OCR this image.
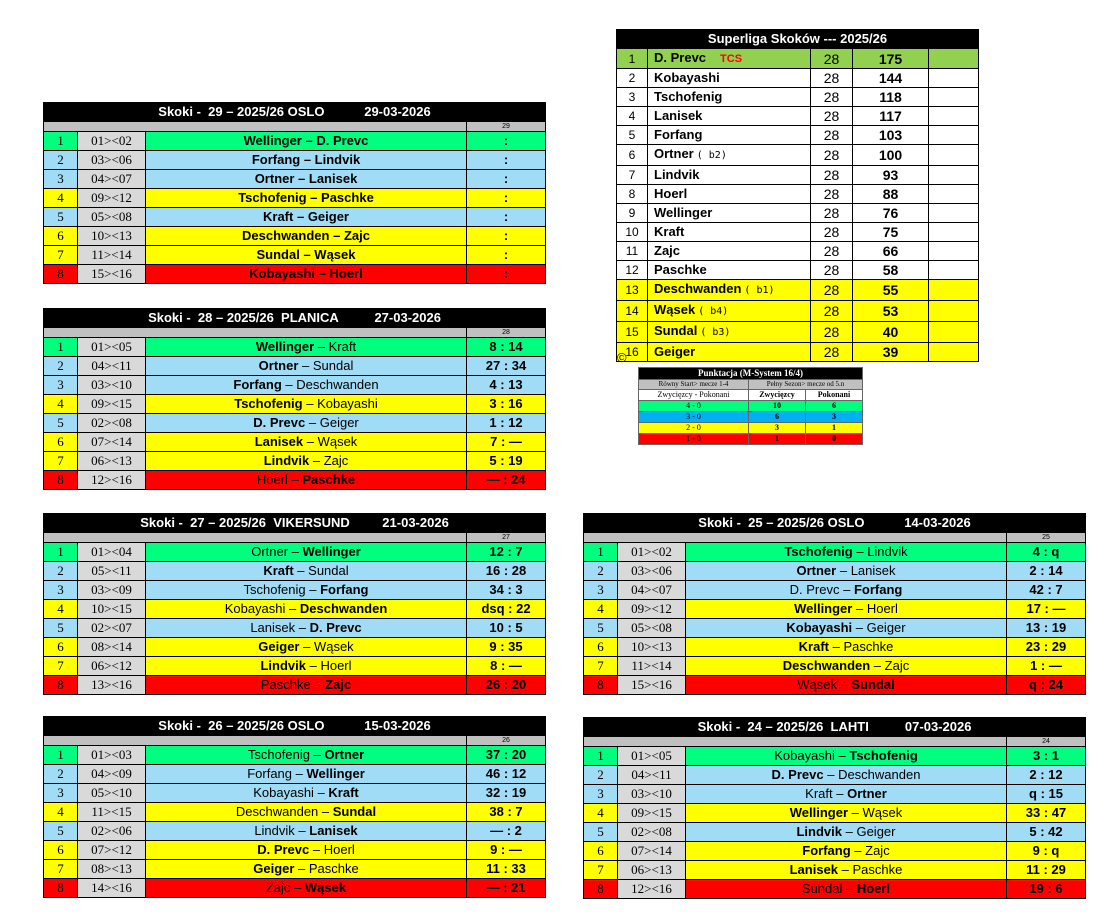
Superliga Skoków --- 2025/26				
1	D. Prevc TCS	28	175	
2	Kobayashi	28	144	
3	Tschofenig	28	118	
4	Lanisek	28	117	
5	Forfang	28	103	
6	Ortner ( b2)	28	100	
7	Lindvik	28	93	
8	Hoerl	28	88	
9	Wellinger	28	76	
10	Kraft	28	75	
11	Zajc	28	66	
12	Paschke	28	58	
13	Deschwanden ( b1)	28	55	
14	Wąsek ( b4)	28	53	
15	Sundal ( b3)	28	40	
16	Geiger	28	39	
©
Punktacja (M-System 16/4)		
Równy Start> mecze 1-4	Pełny Sezon> mecze od 5.n	
Zwycięzcy - Pokonani	Zwycięzcy	Pokonani
4 - 0	10	6
3 - 0	6	3
2 - 0	3	1
1 - 0	1	0
Skoki -  29 – 2025/26 OSLO           29-03-2026			
			29
1	01><02	Wellinger – D. Prevc	:
2	03><06	Forfang – Lindvik	:
3	04><07	Ortner – Lanisek	:
4	09><12	Tschofenig – Paschke	:
5	05><08	Kraft – Geiger	:
6	10><13	Deschwanden – Zajc	:
7	11><14	Sundal – Wąsek	:
8	15><16	Kobayashi – Hoerl	:
Skoki -  28 – 2025/26  PLANICA          27-03-2026			
			28
1	01><05	Wellinger – Kraft	8 : 14
2	04><11	Ortner – Sundal	27 : 34
3	03><10	Forfang – Deschwanden	4 : 13
4	09><15	Tschofenig – Kobayashi	3 : 16
5	02><08	D. Prevc – Geiger	1 : 12
6	07><14	Lanisek – Wąsek	7 : —
7	06><13	Lindvik – Zajc	5 : 19
8	12><16	Hoerl – Paschke	— : 24
Skoki -  27 – 2025/26  VIKERSUND         21-03-2026			
			27
1	01><04	Ortner – Wellinger	12 : 7
2	05><11	Kraft – Sundal	16 : 28
3	03><09	Tschofenig – Forfang	34 : 3
4	10><15	Kobayashi – Deschwanden	dsq : 22
5	02><07	Lanisek – D. Prevc	10 : 5
6	08><14	Geiger – Wąsek	9 : 35
7	06><12	Lindvik – Hoerl	8 : —
8	13><16	Paschke – Zajc	26 : 20
Skoki -  25 – 2025/26 OSLO           14-03-2026			
			25
1	01><02	Tschofenig – Lindvik	4 : q
2	03><06	Ortner – Lanisek	2 : 14
3	04><07	D. Prevc – Forfang	42 : 7
4	09><12	Wellinger – Hoerl	17 : —
5	05><08	Kobayashi – Geiger	13 : 19
6	10><13	Kraft – Paschke	23 : 29
7	11><14	Deschwanden – Zajc	1 : —
8	15><16	Wąsek – Sundal	q : 24
Skoki -  26 – 2025/26 OSLO           15-03-2026			
			26
1	01><03	Tschofenig – Ortner	37 : 20
2	04><09	Forfang – Wellinger	46 : 12
3	05><10	Kobayashi – Kraft	32 : 19
4	11><15	Deschwanden – Sundal	38 : 7
5	02><06	Lindvik – Lanisek	— : 2
6	07><12	D. Prevc – Hoerl	9 : —
7	08><13	Geiger – Paschke	11 : 33
8	14><16	Zajc – Wąsek	— : 21
Skoki -  24 – 2025/26  LAHTI          07-03-2026			
			24
1	01><05	Kobayashi – Tschofenig	3 : 1
2	04><11	D. Prevc – Deschwanden	2 : 12
3	03><10	Kraft – Ortner	q : 15
4	09><15	Wellinger – Wąsek	33 : 47
5	02><08	Lindvik – Geiger	5 : 42
6	07><14	Forfang – Zajc	9 : q
7	06><13	Lanisek – Paschke	11 : 29
8	12><16	Sundal – Hoerl	19 : 6
